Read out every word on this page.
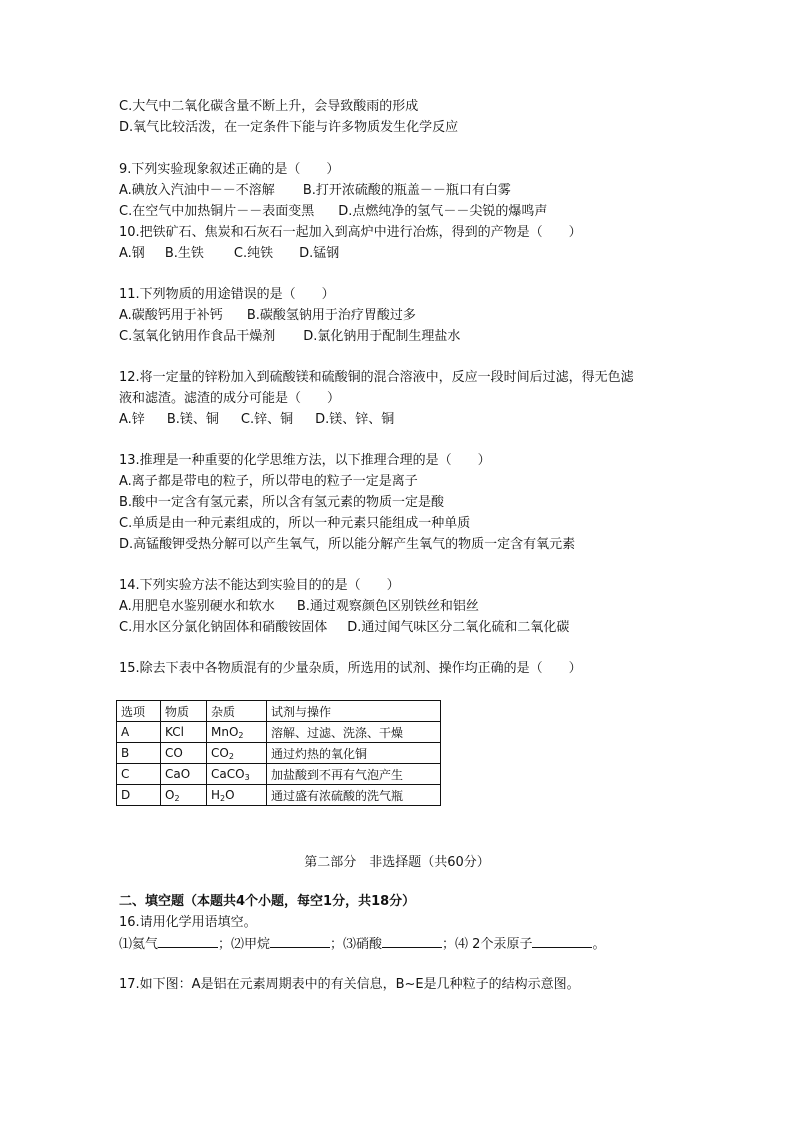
C.大气中二氧化碳含量不断上升，会导致酸雨的形成
D.氧气比较活泼，在一定条件下能与许多物质发生化学反应
9.下列实验现象叙述正确的是（　　）
A.碘放入汽油中－－不溶解 B.打开浓硫酸的瓶盖－－瓶口有白雾
C.在空气中加热铜片－－表面变黑 D.点燃纯净的氢气－－尖锐的爆鸣声
10.把铁矿石、焦炭和石灰石一起加入到高炉中进行冶炼，得到的产物是（　　）
A.钢 B.生铁 C.纯铁 D.锰钢
11.下列物质的用途错误的是（　　）
A.碳酸钙用于补钙 B.碳酸氢钠用于治疗胃酸过多
C.氢氧化钠用作食品干燥剂 D.氯化钠用于配制生理盐水
12.将一定量的锌粉加入到硫酸镁和硫酸铜的混合溶液中，反应一段时间后过滤，得无色滤
液和滤渣。滤渣的成分可能是（　　）
A.锌 B.镁、铜 C.锌、铜 D.镁、锌、铜
13.推理是一种重要的化学思维方法，以下推理合理的是（　　）
A.离子都是带电的粒子，所以带电的粒子一定是离子
B.酸中一定含有氢元素，所以含有氢元素的物质一定是酸
C.单质是由一种元素组成的，所以一种元素只能组成一种单质
D.高锰酸钾受热分解可以产生氧气，所以能分解产生氧气的物质一定含有氧元素
14.下列实验方法不能达到实验目的的是（　　）
A.用肥皂水鉴别硬水和软水 B.通过观察颜色区别铁丝和铝丝
C.用水区分氯化钠固体和硝酸铵固体 D.通过闻气味区分二氧化硫和二氧化碳
15.除去下表中各物质混有的少量杂质，所选用的试剂、操作均正确的是（　　）
选项	物质	杂质	试剂与操作
A	KCl	MnO$_2$	溶解、过滤、洗涤、干燥
B	CO	$CO_2$	通过灼热的氧化铜
C	CaO	CaCO$_3$	加盐酸到不再有气泡产生
D	$O_2$	$H_2O$	通过盛有浓硫酸的洗气瓶
第二部分　非选择题（共60分）
二、填空题（本题共4个小题，每空1分，共18分）
16.请用化学用语填空。
⑴氦气	；⑵甲烷	；⑶硝酸	；⑷ 2个汞原子	。
17.如下图：A是铝在元素周期表中的有关信息，B~E是几种粒子的结构示意图。
